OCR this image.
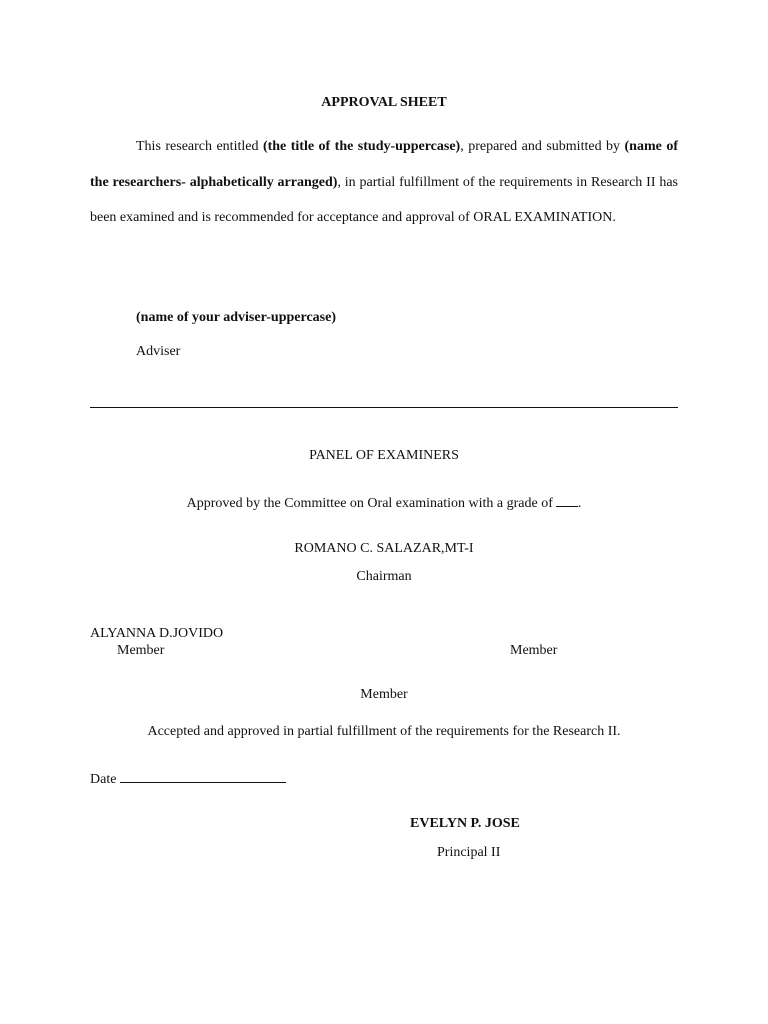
APPROVAL SHEET

This research entitled (the title of the study-uppercase), prepared and submitted by (name of the researchers- alphabetically arranged), in partial fulfillment of the requirements in Research II has been examined and is recommended for acceptance and approval of ORAL EXAMINATION.

(name of your adviser-uppercase)
Adviser
PANEL OF EXAMINERS
Approved by the Committee on Oral examination with a grade of .
ROMANO C. SALAZAR,MT-I
Chairman
ALYANNA D.JOVIDO
Member	Member
Member
Accepted and approved in partial fulfillment of the requirements for the Research II.
Date
EVELYN P. JOSE
Principal II
